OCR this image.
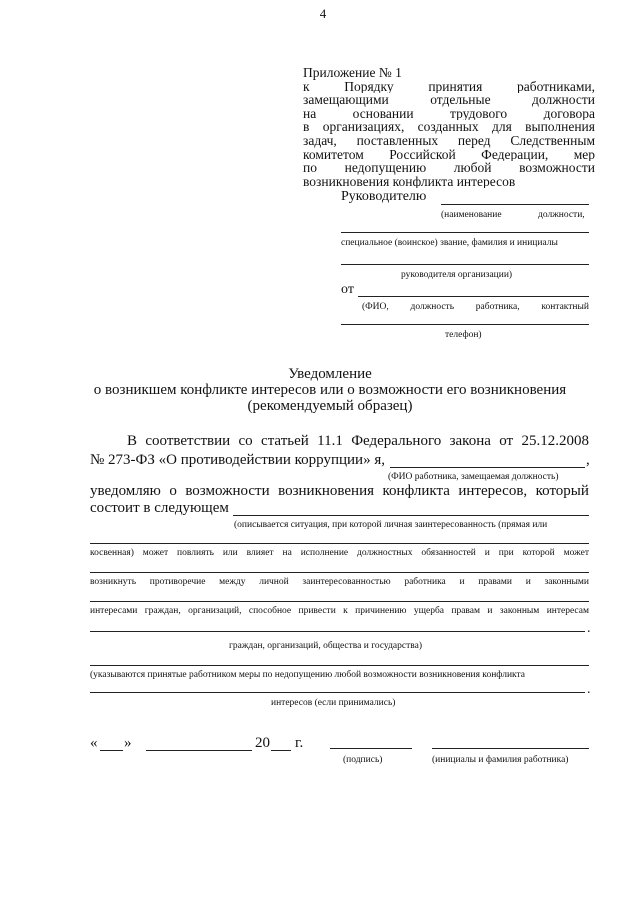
4
Приложение № 1
к Порядку принятия работниками,
замещающими отдельные должности
на основании трудового договора
в организациях, созданных для выполнения
задач, поставленных перед Следственным
комитетом Российской Федерации, мер
по недопущению любой возможности
возникновения конфликта интересов
Руководителю
(наименование	должности,
специальное (воинское) звание, фамилия и инициалы
руководителя организации)
от
(ФИО, должность работника, контактный
телефон)
Уведомление
о возникшем конфликте интересов или о возможности его возникновения
(рекомендуемый образец)
В соответствии со статьей 11.1 Федерального закона от 25.12.2008
№ 273-ФЗ «О противодействии коррупции» я,	,
(ФИО работника, замещаемая должность)
уведомляю о возможности возникновения конфликта интересов, который
состоит в следующем
(описывается ситуация, при которой личная заинтересованность (прямая или
косвенная) может повлиять или влияет на исполнение должностных обязанностей и при которой может
возникнуть противоречие между личной заинтересованностью работника и правами и законными
интересами граждан, организаций, способное привести к причинению ущерба правам и законным интересам
.
граждан, организаций, общества и государства)
(указываются принятые работником меры по недопущению любой возможности возникновения конфликта
.
интересов (если принимались)
« »	20 г.
(подпись)	(инициалы и фамилия работника)
